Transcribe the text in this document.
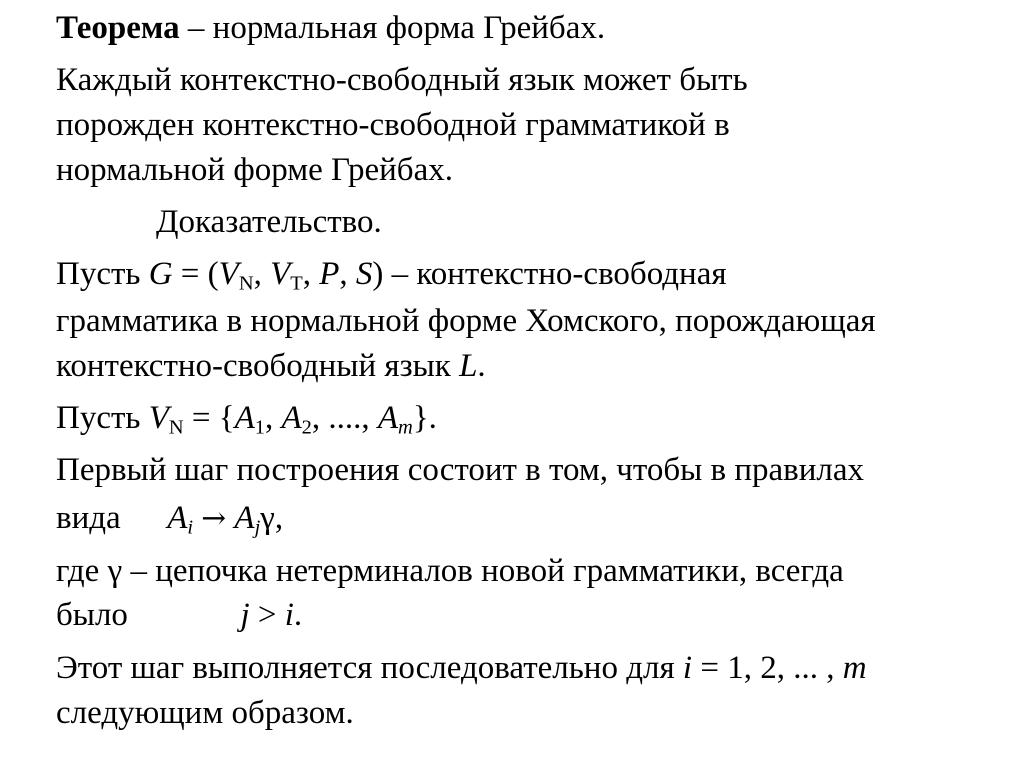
Теорема – нормальная форма Грейбах.
Каждый контекстно-свободный язык может быть
порожден контекстно-свободной грамматикой в
нормальной форме Грейбах.
Доказательство.
Пусть $G = (V_N$, $V_T$, P, S) – контекстно-свободная
грамматика в нормальной форме Хомского, порождающая
контекстно-свободный язык L.
Пусть $V_N = \{A_1$, $A_2$, ...., $A_m$}.
Первый шаг построения состоит в том, чтобы в правилах
вида $A_i \to A_j\gamma$,
где γ – цепочка нетерминалов новой грамматики, всегда
было	j > i.
Этот шаг выполняется последовательно для i = 1, 2, ... , m
следующим образом.
